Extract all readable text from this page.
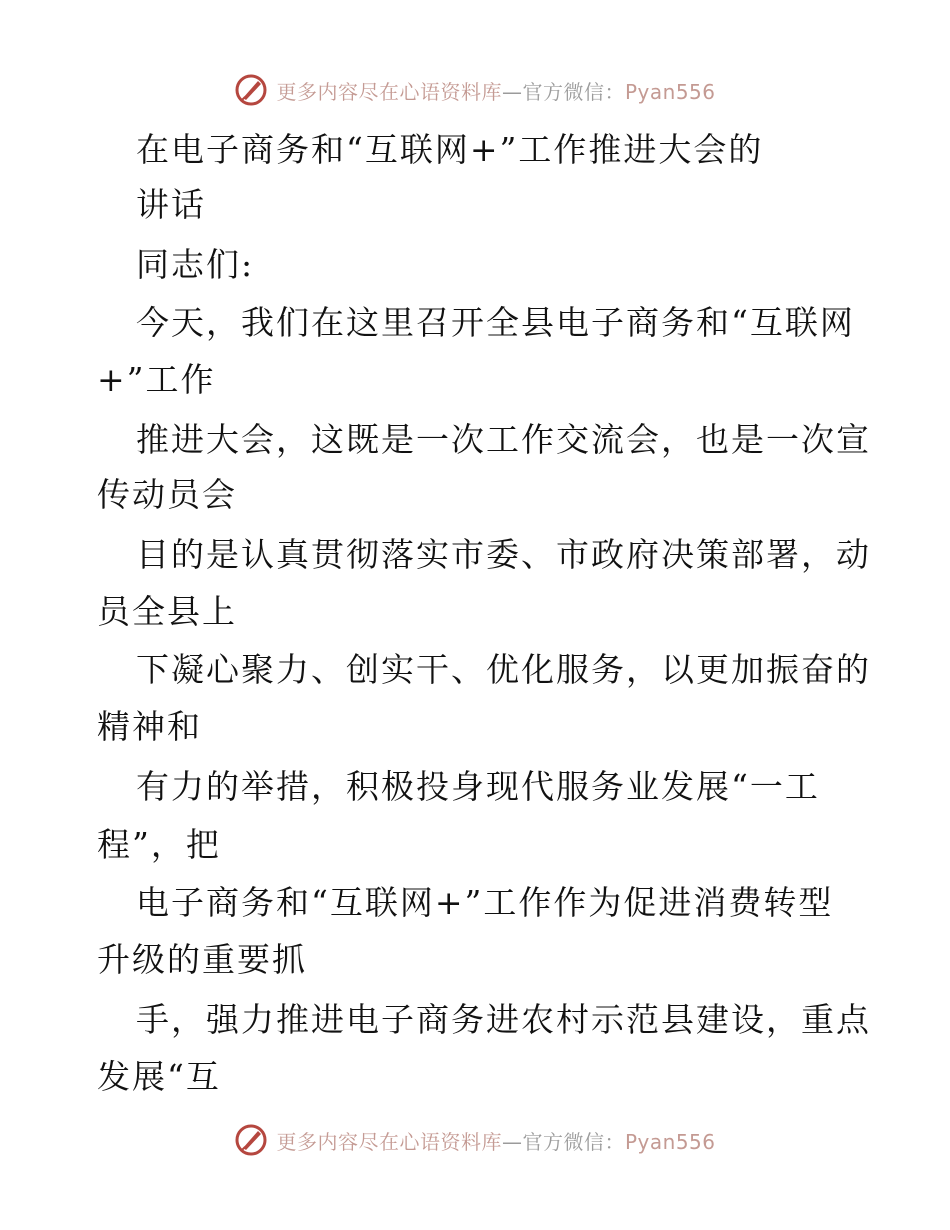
更多内容尽在心语资料库—官方微信：Pyan556
在电子商务和“互联网+”工作推进大会的
讲话
同志们:
今天，我们在这里召开全县电子商务和“互联网
+”工作
推进大会，这既是一次工作交流会，也是一次宣
传动员会
目的是认真贯彻落实市委、市政府决策部署，动
员全县上
下凝心聚力、创实干、优化服务，以更加振奋的
精神和
有力的举措，积极投身现代服务业发展“一工
程”，把
电子商务和“互联网+”工作作为促进消费转型
升级的重要抓
手，强力推进电子商务进农村示范县建设，重点
发展“互
更多内容尽在心语资料库—官方微信：Pyan556
